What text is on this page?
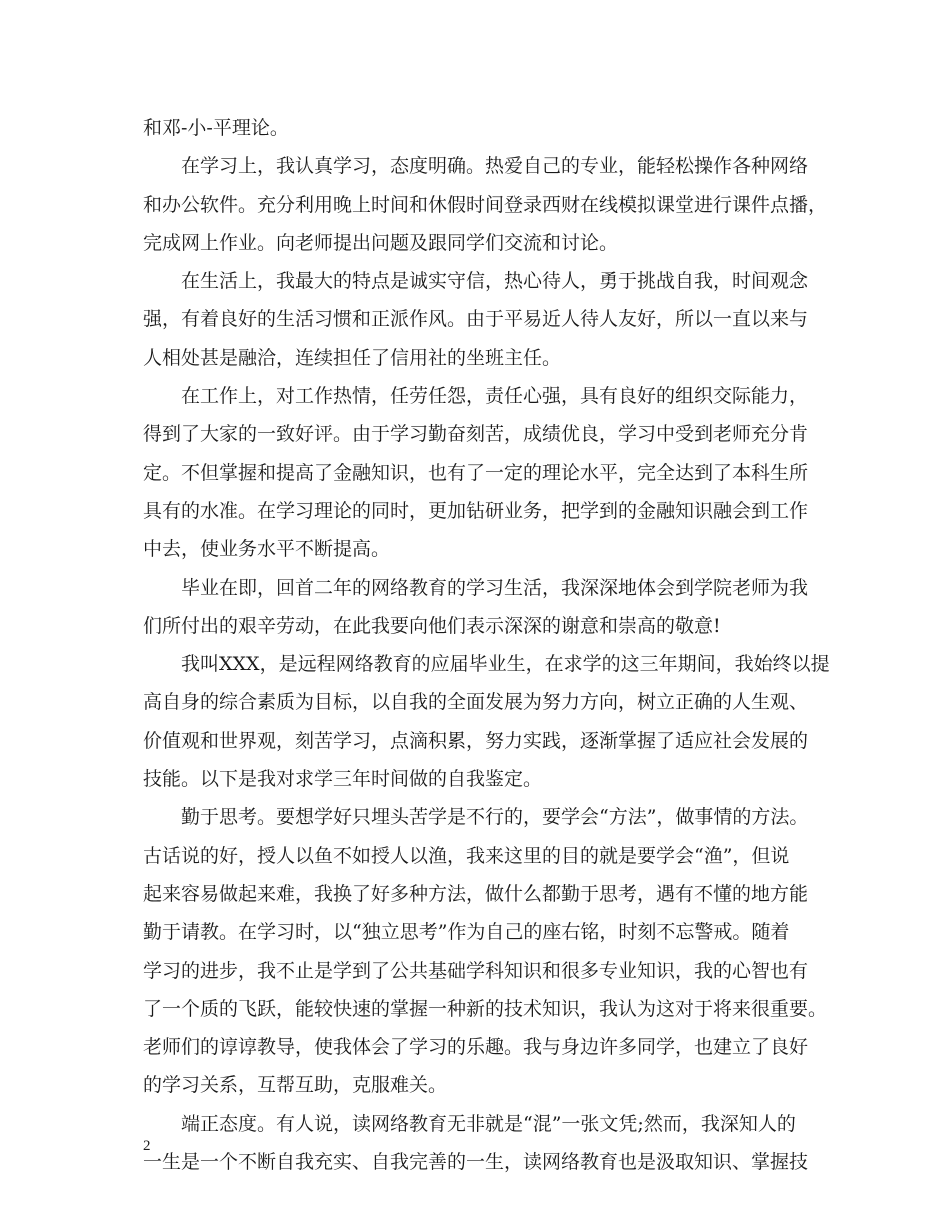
和邓-小-平理论。
在学习上，我认真学习，态度明确。热爱自己的专业，能轻松操作各种网络
和办公软件。充分利用晚上时间和休假时间登录西财在线模拟课堂进行课件点播，
完成网上作业。向老师提出问题及跟同学们交流和讨论。
在生活上，我最大的特点是诚实守信，热心待人，勇于挑战自我，时间观念
强，有着良好的生活习惯和正派作风。由于平易近人待人友好，所以一直以来与
人相处甚是融洽，连续担任了信用社的坐班主任。
在工作上，对工作热情，任劳任怨，责任心强，具有良好的组织交际能力，
得到了大家的一致好评。由于学习勤奋刻苦，成绩优良，学习中受到老师充分肯
定。不但掌握和提高了金融知识，也有了一定的理论水平，完全达到了本科生所
具有的水准。在学习理论的同时，更加钻研业务，把学到的金融知识融会到工作
中去，使业务水平不断提高。
毕业在即，回首二年的网络教育的学习生活，我深深地体会到学院老师为我
们所付出的艰辛劳动，在此我要向他们表示深深的谢意和崇高的敬意!
我叫XXX，是远程网络教育的应届毕业生，在求学的这三年期间，我始终以提
高自身的综合素质为目标，以自我的全面发展为努力方向，树立正确的人生观、
价值观和世界观，刻苦学习，点滴积累，努力实践，逐渐掌握了适应社会发展的
技能。以下是我对求学三年时间做的自我鉴定。
勤于思考。要想学好只埋头苦学是不行的，要学会“方法”，做事情的方法。
古话说的好，授人以鱼不如授人以渔，我来这里的目的就是要学会“渔”，但说
起来容易做起来难，我换了好多种方法，做什么都勤于思考，遇有不懂的地方能
勤于请教。在学习时，以“独立思考”作为自己的座右铭，时刻不忘警戒。随着
学习的进步，我不止是学到了公共基础学科知识和很多专业知识，我的心智也有
了一个质的飞跃，能较快速的掌握一种新的技术知识，我认为这对于将来很重要。
老师们的谆谆教导，使我体会了学习的乐趣。我与身边许多同学，也建立了良好
的学习关系，互帮互助，克服难关。
端正态度。有人说，读网络教育无非就是“混”一张文凭;然而，我深知人的
一生是一个不断自我充实、自我完善的一生，读网络教育也是汲取知识、掌握技
2
